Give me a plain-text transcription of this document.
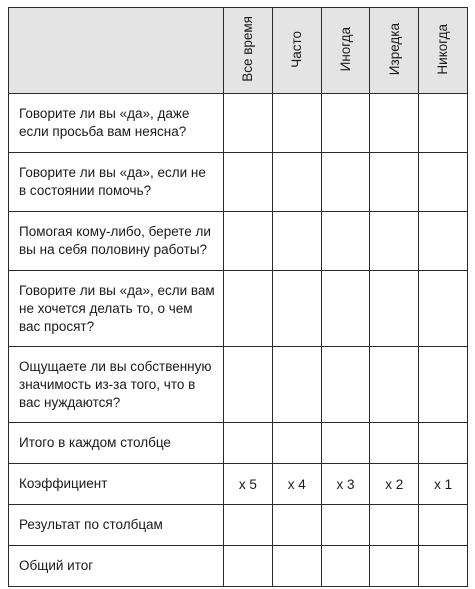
	Все время	Часто	Иногда	Изредка	Никогда
Говорите ли вы «да», даже если просьба вам неясна?					
Говорите ли вы «да», если не в состоянии помочь?					
Помогая кому-либо, берете ли вы на себя половину работы?					
Говорите ли вы «да», если вам не хочется делать то, о чем вас просят?					
Ощущаете ли вы собственную значимость из-за того, что в вас нуждаются?					
Итого в каждом столбце					
Коэффициент	x 5	x 4	x 3	x 2	x 1
Результат по столбцам					
Общий итог					
